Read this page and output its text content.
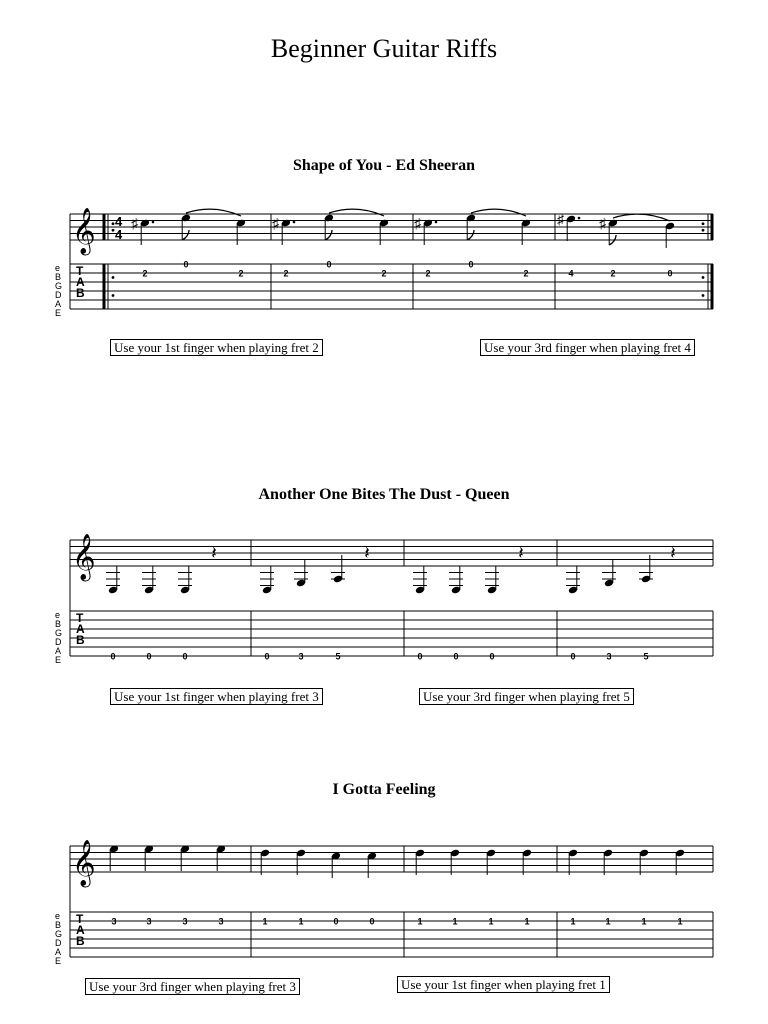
Beginner Guitar Riffs
Shape of You - Ed Sheeran
Another One Bites The Dust - Queen
I Gotta Feeling
𝄞
T
A
B
e
B
G
D
A
E
4
4
♯
2
0
2
♯
2
0
2
♯
2
0
2
♯
4
♯
2	0
𝄞
T
A
B
e
B
G
D
A
E	0	0	0	0	3	5	0	0	0	0	3	5
𝄽	𝄽	𝄽	𝄽
𝄞
T
A
B
e
B
G
D
A
E
3	3	3	3	1	1	0	0	1	1	1	1	1	1	1	1
Use your 1st finger when playing fret 2	Use your 3rd finger when playing fret 4
Use your 1st finger when playing fret 3	Use your 3rd finger when playing fret 5
Use your 3rd finger when playing fret 3	Use your 1st finger when playing fret 1
